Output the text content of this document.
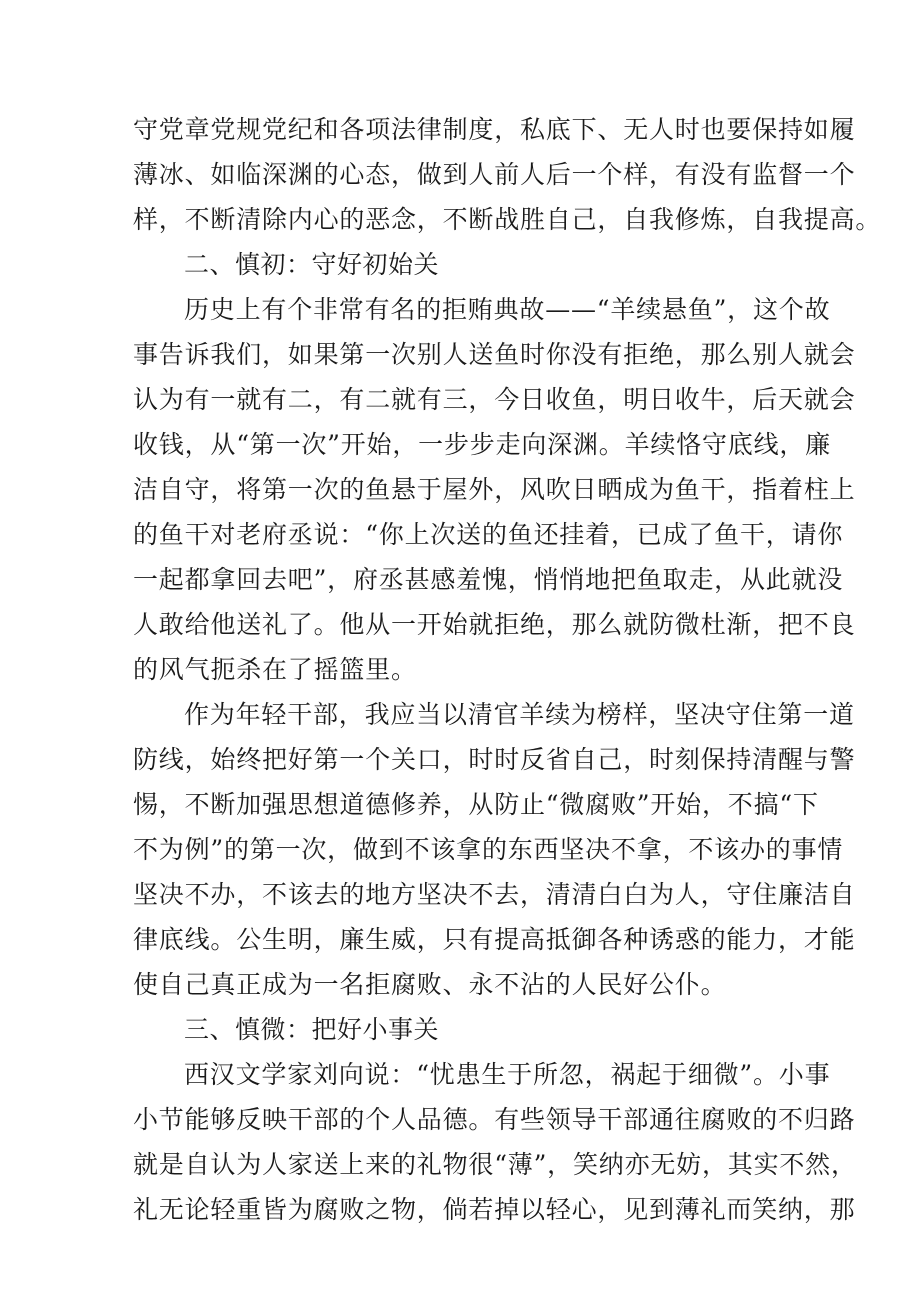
守党章党规党纪和各项法律制度，私底下、无人时也要保持如履
薄冰、如临深渊的心态，做到人前人后一个样，有没有监督一个
样，不断清除内心的恶念，不断战胜自己，自我修炼，自我提高。
二、慎初：守好初始关
历史上有个非常有名的拒贿典故——“羊续悬鱼”，这个故
事告诉我们，如果第一次别人送鱼时你没有拒绝，那么别人就会
认为有一就有二，有二就有三，今日收鱼，明日收牛，后天就会
收钱，从“第一次”开始，一步步走向深渊。羊续恪守底线，廉
洁自守，将第一次的鱼悬于屋外，风吹日晒成为鱼干，指着柱上
的鱼干对老府丞说：“你上次送的鱼还挂着，已成了鱼干，请你
一起都拿回去吧”，府丞甚感羞愧，悄悄地把鱼取走，从此就没
人敢给他送礼了。他从一开始就拒绝，那么就防微杜渐，把不良
的风气扼杀在了摇篮里。
作为年轻干部，我应当以清官羊续为榜样，坚决守住第一道
防线，始终把好第一个关口，时时反省自己，时刻保持清醒与警
惕，不断加强思想道德修养，从防止“微腐败”开始，不搞“下
不为例”的第一次，做到不该拿的东西坚决不拿，不该办的事情
坚决不办，不该去的地方坚决不去，清清白白为人，守住廉洁自
律底线。公生明，廉生威，只有提高抵御各种诱惑的能力，才能
使自己真正成为一名拒腐败、永不沾的人民好公仆。
三、慎微：把好小事关
西汉文学家刘向说：“忧患生于所忽，祸起于细微”。小事
小节能够反映干部的个人品德。有些领导干部通往腐败的不归路
就是自认为人家送上来的礼物很“薄”，笑纳亦无妨，其实不然，
礼无论轻重皆为腐败之物，倘若掉以轻心，见到薄礼而笑纳，那
